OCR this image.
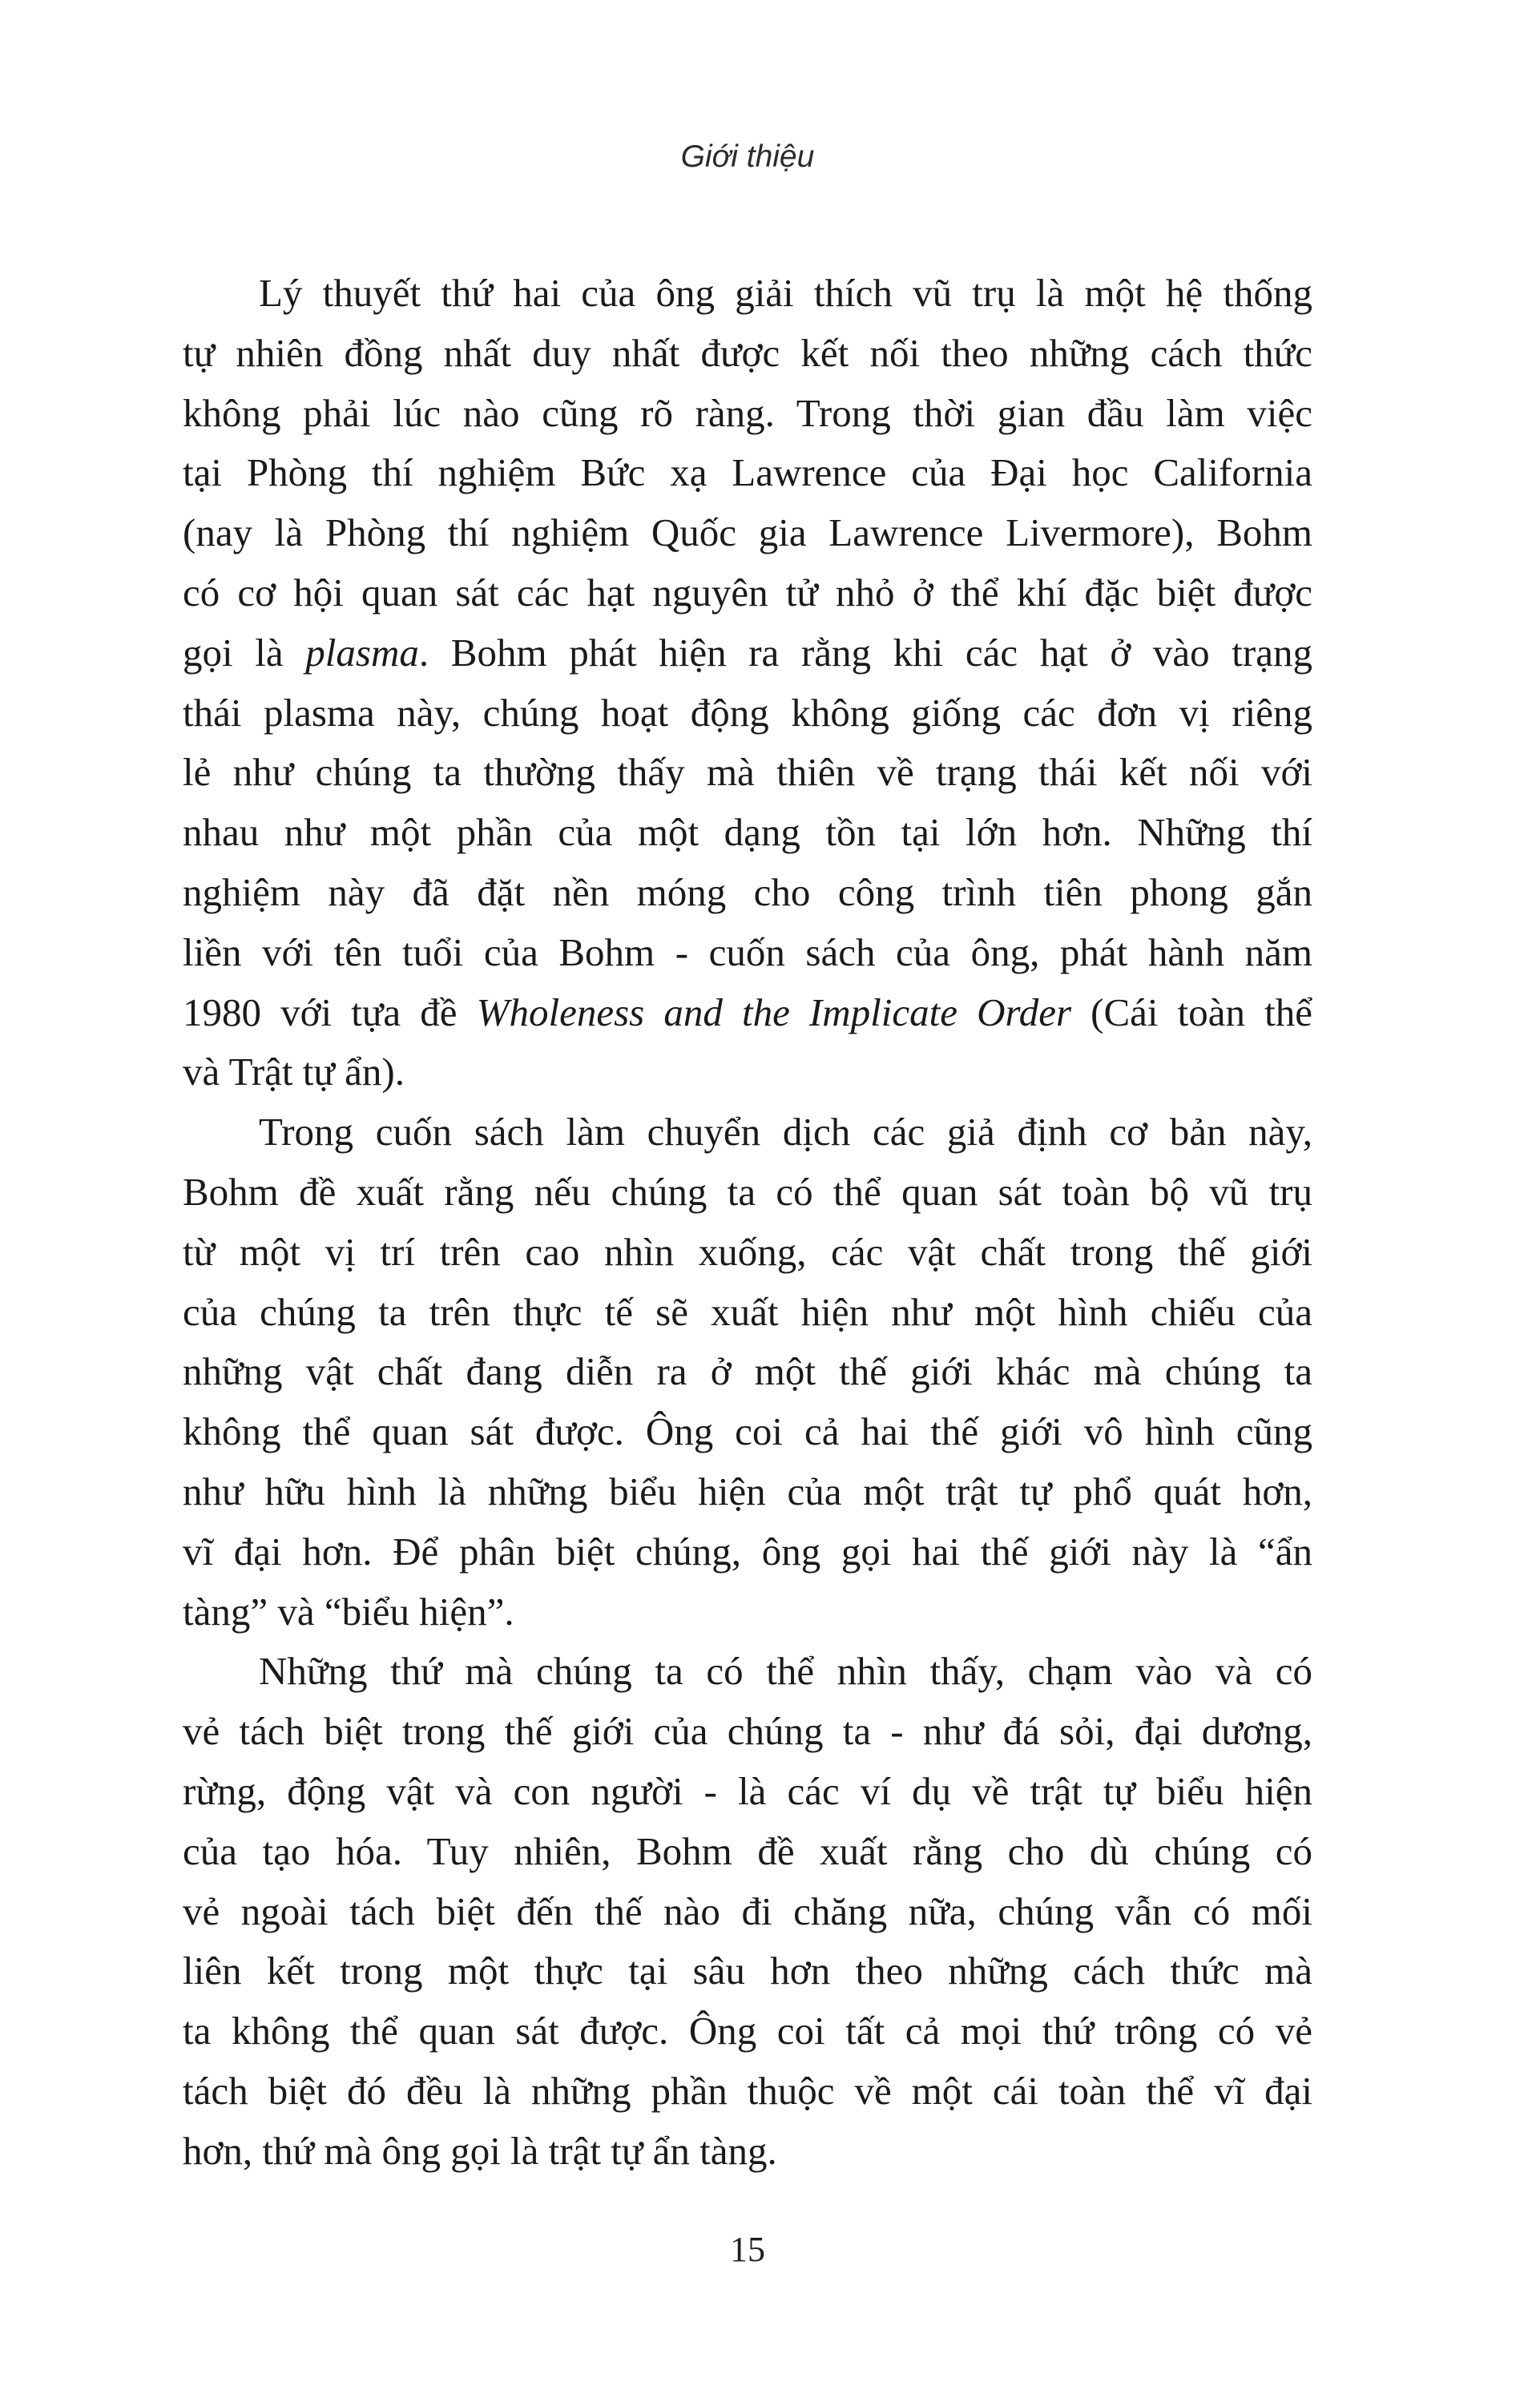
Giới thiệu
Lý thuyết thứ hai của ông giải thích vũ trụ là một hệ thống
tự nhiên đồng nhất duy nhất được kết nối theo những cách thức
không phải lúc nào cũng rõ ràng. Trong thời gian đầu làm việc
tại Phòng thí nghiệm Bức xạ Lawrence của Đại học California
(nay là Phòng thí nghiệm Quốc gia Lawrence Livermore), Bohm
có cơ hội quan sát các hạt nguyên tử nhỏ ở thể khí đặc biệt được
gọi là plasma. Bohm phát hiện ra rằng khi các hạt ở vào trạng
thái plasma này, chúng hoạt động không giống các đơn vị riêng
lẻ như chúng ta thường thấy mà thiên về trạng thái kết nối với
nhau như một phần của một dạng tồn tại lớn hơn. Những thí
nghiệm này đã đặt nền móng cho công trình tiên phong gắn
liền với tên tuổi của Bohm - cuốn sách của ông, phát hành năm
1980 với tựa đề Wholeness and the Implicate Order (Cái toàn thể
và Trật tự ẩn).
Trong cuốn sách làm chuyển dịch các giả định cơ bản này,
Bohm đề xuất rằng nếu chúng ta có thể quan sát toàn bộ vũ trụ
từ một vị trí trên cao nhìn xuống, các vật chất trong thế giới
của chúng ta trên thực tế sẽ xuất hiện như một hình chiếu của
những vật chất đang diễn ra ở một thế giới khác mà chúng ta
không thể quan sát được. Ông coi cả hai thế giới vô hình cũng
như hữu hình là những biểu hiện của một trật tự phổ quát hơn,
vĩ đại hơn. Để phân biệt chúng, ông gọi hai thế giới này là “ẩn
tàng” và “biểu hiện”.
Những thứ mà chúng ta có thể nhìn thấy, chạm vào và có
vẻ tách biệt trong thế giới của chúng ta - như đá sỏi, đại dương,
rừng, động vật và con người - là các ví dụ về trật tự biểu hiện
của tạo hóa. Tuy nhiên, Bohm đề xuất rằng cho dù chúng có
vẻ ngoài tách biệt đến thế nào đi chăng nữa, chúng vẫn có mối
liên kết trong một thực tại sâu hơn theo những cách thức mà
ta không thể quan sát được. Ông coi tất cả mọi thứ trông có vẻ
tách biệt đó đều là những phần thuộc về một cái toàn thể vĩ đại
hơn, thứ mà ông gọi là trật tự ẩn tàng.
15
